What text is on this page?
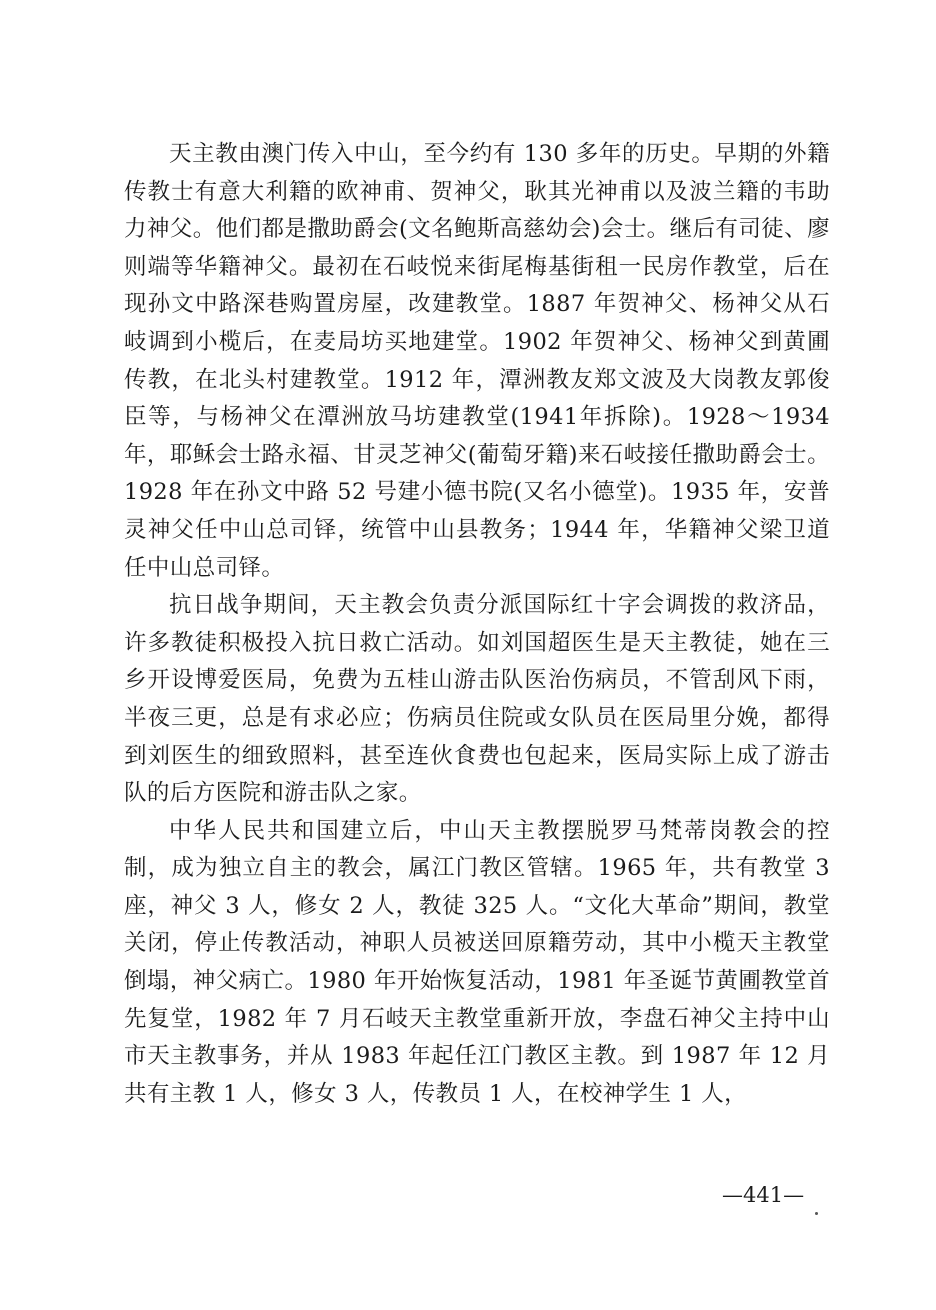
天主教由澳门传入中山，至今约有 130 多年的历史。早期的外籍传教士有意大利籍的欧神甫、贺神父，耿其光神甫以及波兰籍的韦助力神父。他们都是撒助爵会(文名鲍斯高慈幼会)会士。继后有司徒、廖则端等华籍神父。最初在石岐悦来街尾梅基街租一民房作教堂，后在现孙文中路深巷购置房屋，改建教堂。1887 年贺神父、杨神父从石岐调到小榄后，在麦局坊买地建堂。1902 年贺神父、杨神父到黄圃传教，在北头村建教堂。1912 年，潭洲教友郑文波及大岗教友郭俊臣等，与杨神父在潭洲放马坊建教堂(1941年拆除)。1928～1934 年，耶稣会士路永福、甘灵芝神父(葡萄牙籍)来石岐接任撒助爵会士。1928 年在孙文中路 52 号建小德书院(又名小德堂)。1935 年，安普灵神父任中山总司铎，统管中山县教务；1944 年，华籍神父梁卫道任中山总司铎。

抗日战争期间，天主教会负责分派国际红十字会调拨的救济品，许多教徒积极投入抗日救亡活动。如刘国超医生是天主教徒，她在三乡开设博爱医局，免费为五桂山游击队医治伤病员，不管刮风下雨，半夜三更，总是有求必应；伤病员住院或女队员在医局里分娩，都得到刘医生的细致照料，甚至连伙食费也包起来，医局实际上成了游击队的后方医院和游击队之家。

中华人民共和国建立后，中山天主教摆脱罗马梵蒂岗教会的控制，成为独立自主的教会，属江门教区管辖。1965 年，共有教堂 3 座，神父 3 人，修女 2 人，教徒 325 人。“文化大革命”期间，教堂关闭，停止传教活动，神职人员被送回原籍劳动，其中小榄天主教堂倒塌，神父病亡。1980 年开始恢复活动，1981 年圣诞节黄圃教堂首先复堂，1982 年 7 月石岐天主教堂重新开放，李盘石神父主持中山市天主教事务，并从 1983 年起任江门教区主教。到 1987 年 12 月共有主教 1 人，修女 3 人，传教员 1 人，在校神学生 1 人，

—441—
